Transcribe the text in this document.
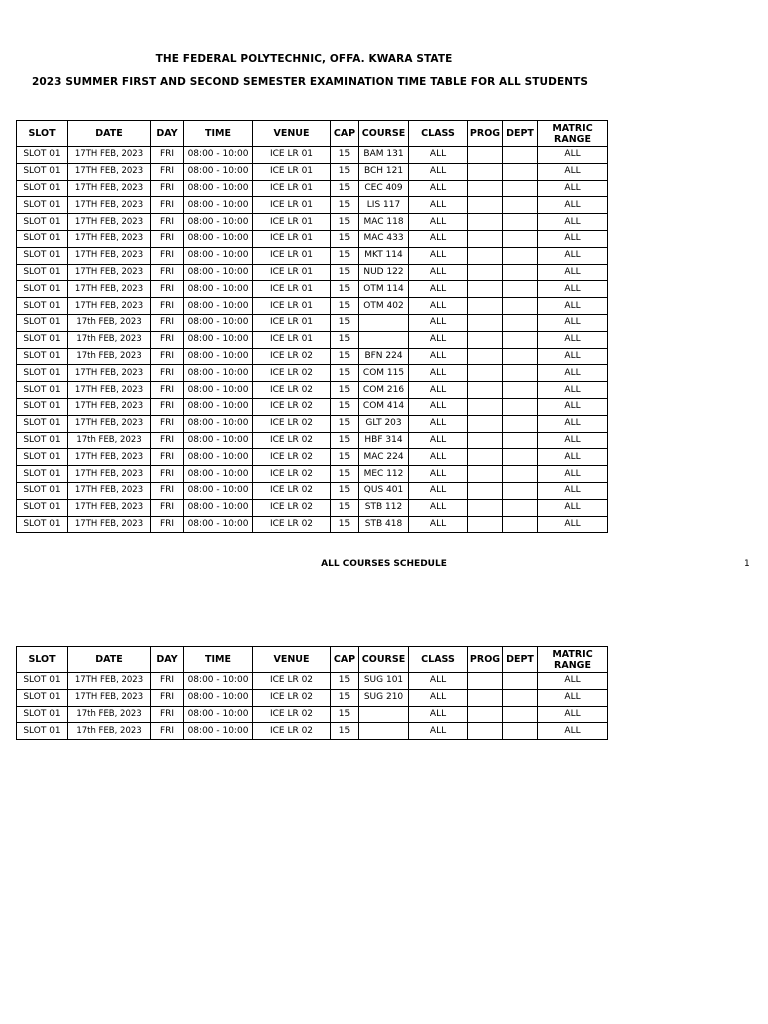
THE FEDERAL POLYTECHNIC, OFFA. KWARA STATE
2023 SUMMER FIRST AND SECOND SEMESTER EXAMINATION TIME TABLE FOR ALL STUDENTS
SLOT	DATE	DAY	TIME	VENUE	CAP	COURSE	CLASS	PROG	DEPT	MATRIC RANGE
SLOT 01	17TH FEB, 2023	FRI	08:00 - 10:00	ICE LR 01	15	BAM 131	ALL			ALL
SLOT 01	17TH FEB, 2023	FRI	08:00 - 10:00	ICE LR 01	15	BCH 121	ALL			ALL
SLOT 01	17TH FEB, 2023	FRI	08:00 - 10:00	ICE LR 01	15	CEC 409	ALL			ALL
SLOT 01	17TH FEB, 2023	FRI	08:00 - 10:00	ICE LR 01	15	LIS 117	ALL			ALL
SLOT 01	17TH FEB, 2023	FRI	08:00 - 10:00	ICE LR 01	15	MAC 118	ALL			ALL
SLOT 01	17TH FEB, 2023	FRI	08:00 - 10:00	ICE LR 01	15	MAC 433	ALL			ALL
SLOT 01	17TH FEB, 2023	FRI	08:00 - 10:00	ICE LR 01	15	MKT 114	ALL			ALL
SLOT 01	17TH FEB, 2023	FRI	08:00 - 10:00	ICE LR 01	15	NUD 122	ALL			ALL
SLOT 01	17TH FEB, 2023	FRI	08:00 - 10:00	ICE LR 01	15	OTM 114	ALL			ALL
SLOT 01	17TH FEB, 2023	FRI	08:00 - 10:00	ICE LR 01	15	OTM 402	ALL			ALL
SLOT 01	17th FEB, 2023	FRI	08:00 - 10:00	ICE LR 01	15		ALL			ALL
SLOT 01	17th FEB, 2023	FRI	08:00 - 10:00	ICE LR 01	15		ALL			ALL
SLOT 01	17th FEB, 2023	FRI	08:00 - 10:00	ICE LR 02	15	BFN 224	ALL			ALL
SLOT 01	17TH FEB, 2023	FRI	08:00 - 10:00	ICE LR 02	15	COM 115	ALL			ALL
SLOT 01	17TH FEB, 2023	FRI	08:00 - 10:00	ICE LR 02	15	COM 216	ALL			ALL
SLOT 01	17TH FEB, 2023	FRI	08:00 - 10:00	ICE LR 02	15	COM 414	ALL			ALL
SLOT 01	17TH FEB, 2023	FRI	08:00 - 10:00	ICE LR 02	15	GLT 203	ALL			ALL
SLOT 01	17th FEB, 2023	FRI	08:00 - 10:00	ICE LR 02	15	HBF 314	ALL			ALL
SLOT 01	17TH FEB, 2023	FRI	08:00 - 10:00	ICE LR 02	15	MAC 224	ALL			ALL
SLOT 01	17TH FEB, 2023	FRI	08:00 - 10:00	ICE LR 02	15	MEC 112	ALL			ALL
SLOT 01	17TH FEB, 2023	FRI	08:00 - 10:00	ICE LR 02	15	QUS 401	ALL			ALL
SLOT 01	17TH FEB, 2023	FRI	08:00 - 10:00	ICE LR 02	15	STB 112	ALL			ALL
SLOT 01	17TH FEB, 2023	FRI	08:00 - 10:00	ICE LR 02	15	STB 418	ALL			ALL
ALL COURSES SCHEDULE	1
SLOT	DATE	DAY	TIME	VENUE	CAP	COURSE	CLASS	PROG	DEPT	MATRIC RANGE
SLOT 01	17TH FEB, 2023	FRI	08:00 - 10:00	ICE LR 02	15	SUG 101	ALL			ALL
SLOT 01	17TH FEB, 2023	FRI	08:00 - 10:00	ICE LR 02	15	SUG 210	ALL			ALL
SLOT 01	17th FEB, 2023	FRI	08:00 - 10:00	ICE LR 02	15		ALL			ALL
SLOT 01	17th FEB, 2023	FRI	08:00 - 10:00	ICE LR 02	15		ALL			ALL
